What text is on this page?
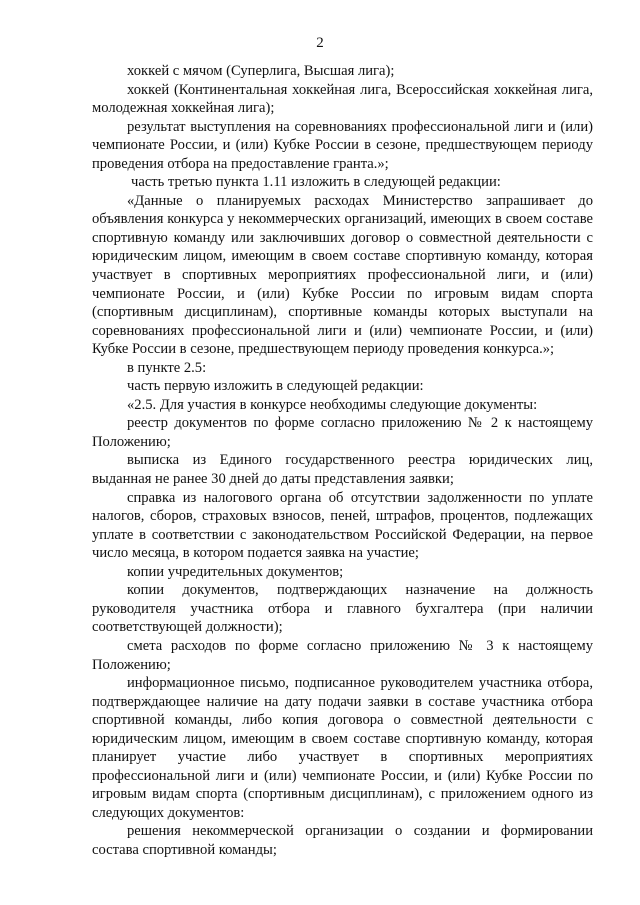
2

хоккей с мячом (Суперлига, Высшая лига);

хоккей (Континентальная хоккейная лига, Всероссийская хоккейная лига, молодежная хоккейная лига);

результат выступления на соревнованиях профессиональной лиги и (или) чемпионате России, и (или) Кубке России в сезоне, предшествующем периоду проведения отбора на предоставление гранта.»;

часть третью пункта 1.11 изложить в следующей редакции:

«Данные о планируемых расходах Министерство запрашивает до объявления конкурса у некоммерческих организаций, имеющих в своем составе спортивную команду или заключивших договор о совместной деятельности с юридическим лицом, имеющим в своем составе спортивную команду, которая участвует в спортивных мероприятиях профессиональной лиги, и (или) чемпионате России, и (или) Кубке России по игровым видам спорта (спортивным дисциплинам), спортивные команды которых выступали на соревнованиях профессиональной лиги и (или) чемпионате России, и (или) Кубке России в сезоне, предшествующем периоду проведения конкурса.»;

в пункте 2.5:

часть первую изложить в следующей редакции:

«2.5. Для участия в конкурсе необходимы следующие документы:

реестр документов по форме согласно приложению № 2 к настоящему Положению;

выписка из Единого государственного реестра юридических лиц, выданная не ранее 30 дней до даты представления заявки;

справка из налогового органа об отсутствии задолженности по уплате налогов, сборов, страховых взносов, пеней, штрафов, процентов, подлежащих уплате в соответствии с законодательством Российской Федерации, на первое число месяца, в котором подается заявка на участие;

копии учредительных документов;

копии документов, подтверждающих назначение на должность руководителя участника отбора и главного бухгалтера (при наличии соответствующей должности);

смета расходов по форме согласно приложению № 3 к настоящему Положению;

информационное письмо, подписанное руководителем участника отбора, подтверждающее наличие на дату подачи заявки в составе участника отбора спортивной команды, либо копия договора о совместной деятельности с юридическим лицом, имеющим в своем составе спортивную команду, которая планирует участие либо участвует в спортивных мероприятиях профессиональной лиги и (или) чемпионате России, и (или) Кубке России по игровым видам спорта (спортивным дисциплинам), с приложением одного из следующих документов:

решения некоммерческой организации о создании и формировании состава спортивной команды;
